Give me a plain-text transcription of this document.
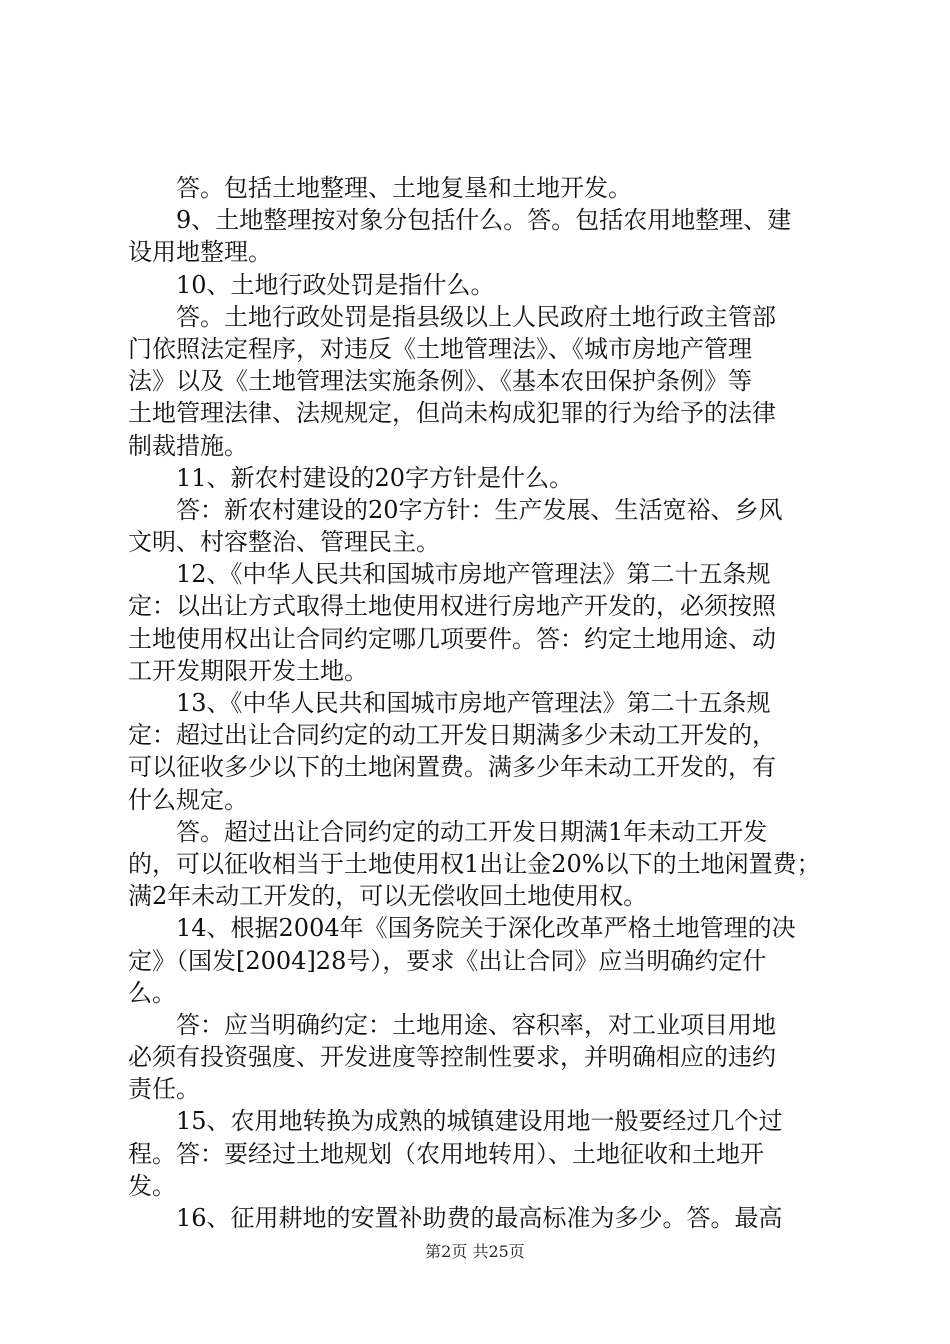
答。包括土地整理、土地复垦和土地开发。
9、土地整理按对象分包括什么。答。包括农用地整理、建
设用地整理。
10、土地行政处罚是指什么。
答。土地行政处罚是指县级以上人民政府土地行政主管部
门依照法定程序，对违反《土地管理法》、《城市房地产管理
法》以及《土地管理法实施条例》、《基本农田保护条例》等
土地管理法律、法规规定，但尚未构成犯罪的行为给予的法律
制裁措施。
11、新农村建设的20字方针是什么。
答：新农村建设的20字方针：生产发展、生活宽裕、乡风
文明、村容整治、管理民主。
12、《中华人民共和国城市房地产管理法》第二十五条规
定：以出让方式取得土地使用权进行房地产开发的，必须按照
土地使用权出让合同约定哪几项要件。答：约定土地用途、动
工开发期限开发土地。
13、《中华人民共和国城市房地产管理法》第二十五条规
定：超过出让合同约定的动工开发日期满多少未动工开发的，
可以征收多少以下的土地闲置费。满多少年未动工开发的，有
什么规定。
答。超过出让合同约定的动工开发日期满1年未动工开发
的，可以征收相当于土地使用权1出让金20%以下的土地闲置费；
满2年未动工开发的，可以无偿收回土地使用权。
14、根据2004年《国务院关于深化改革严格土地管理的决
定》（国发[2004]28号），要求《出让合同》应当明确约定什
么。
答：应当明确约定：土地用途、容积率，对工业项目用地
必须有投资强度、开发进度等控制性要求，并明确相应的违约
责任。
15、农用地转换为成熟的城镇建设用地一般要经过几个过
程。答：要经过土地规划（农用地转用）、土地征收和土地开
发。
16、征用耕地的安置补助费的最高标准为多少。答。最高
第2页 共25页
